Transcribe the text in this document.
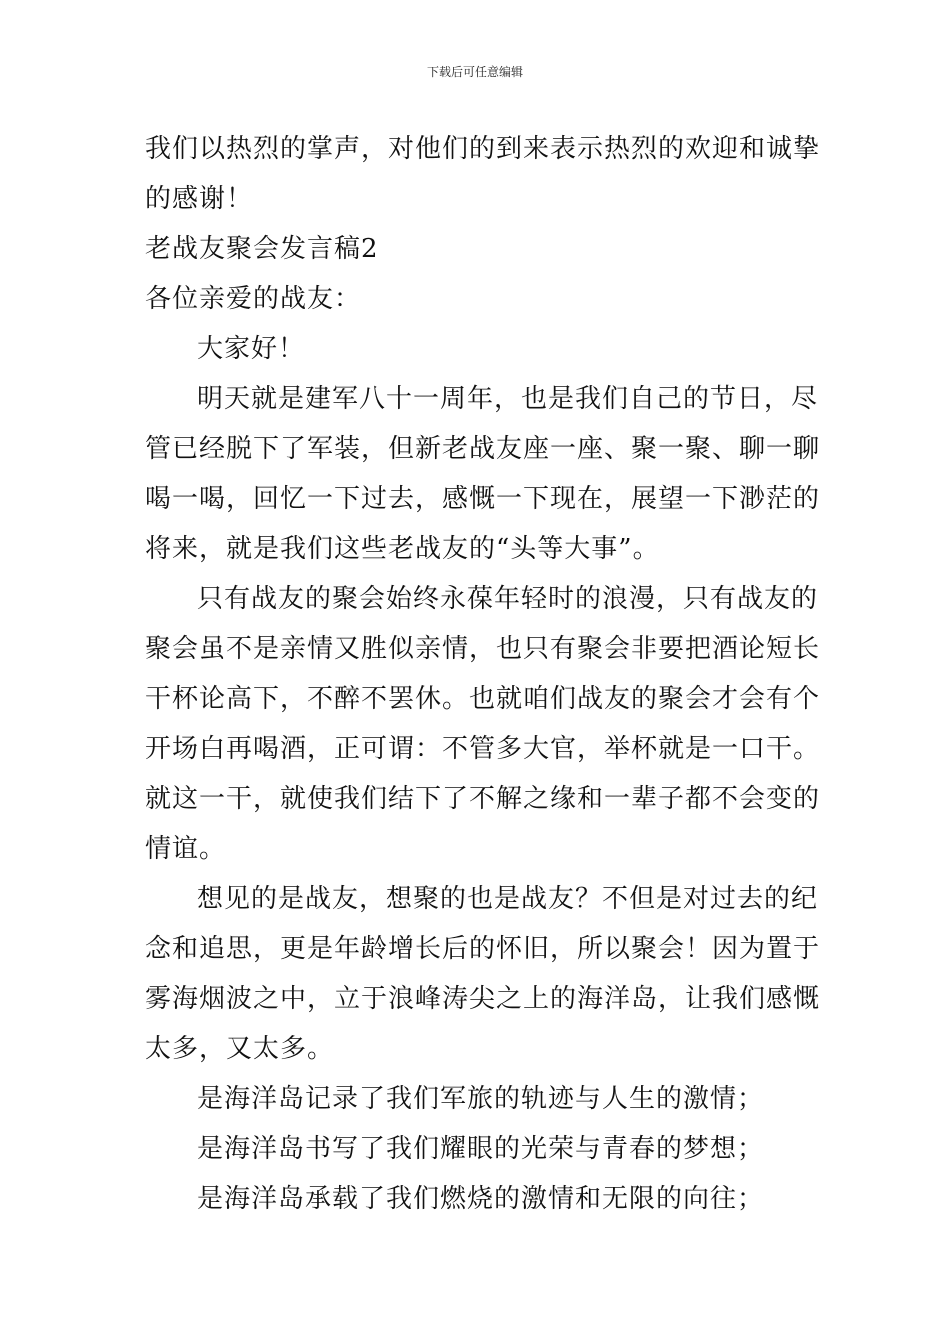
下载后可任意编辑

我们以热烈的掌声，对他们的到来表示热烈的欢迎和诚挚

的感谢！

老战友聚会发言稿2

各位亲爱的战友：

大家好！

明天就是建军八十一周年，也是我们自己的节日，尽

管已经脱下了军装，但新老战友座一座、聚一聚、聊一聊

喝一喝，回忆一下过去，感慨一下现在，展望一下渺茫的

将来，就是我们这些老战友的“头等大事”。

只有战友的聚会始终永葆年轻时的浪漫，只有战友的

聚会虽不是亲情又胜似亲情，也只有聚会非要把酒论短长

干杯论高下，不醉不罢休。也就咱们战友的聚会才会有个

开场白再喝酒，正可谓：不管多大官，举杯就是一口干。

就这一干，就使我们结下了不解之缘和一辈子都不会变的

情谊。

想见的是战友，想聚的也是战友？不但是对过去的纪

念和追思，更是年龄增长后的怀旧，所以聚会！因为置于

雾海烟波之中，立于浪峰涛尖之上的海洋岛，让我们感慨

太多，又太多。

是海洋岛记录了我们军旅的轨迹与人生的激情；

是海洋岛书写了我们耀眼的光荣与青春的梦想；

是海洋岛承载了我们燃烧的激情和无限的向往；
